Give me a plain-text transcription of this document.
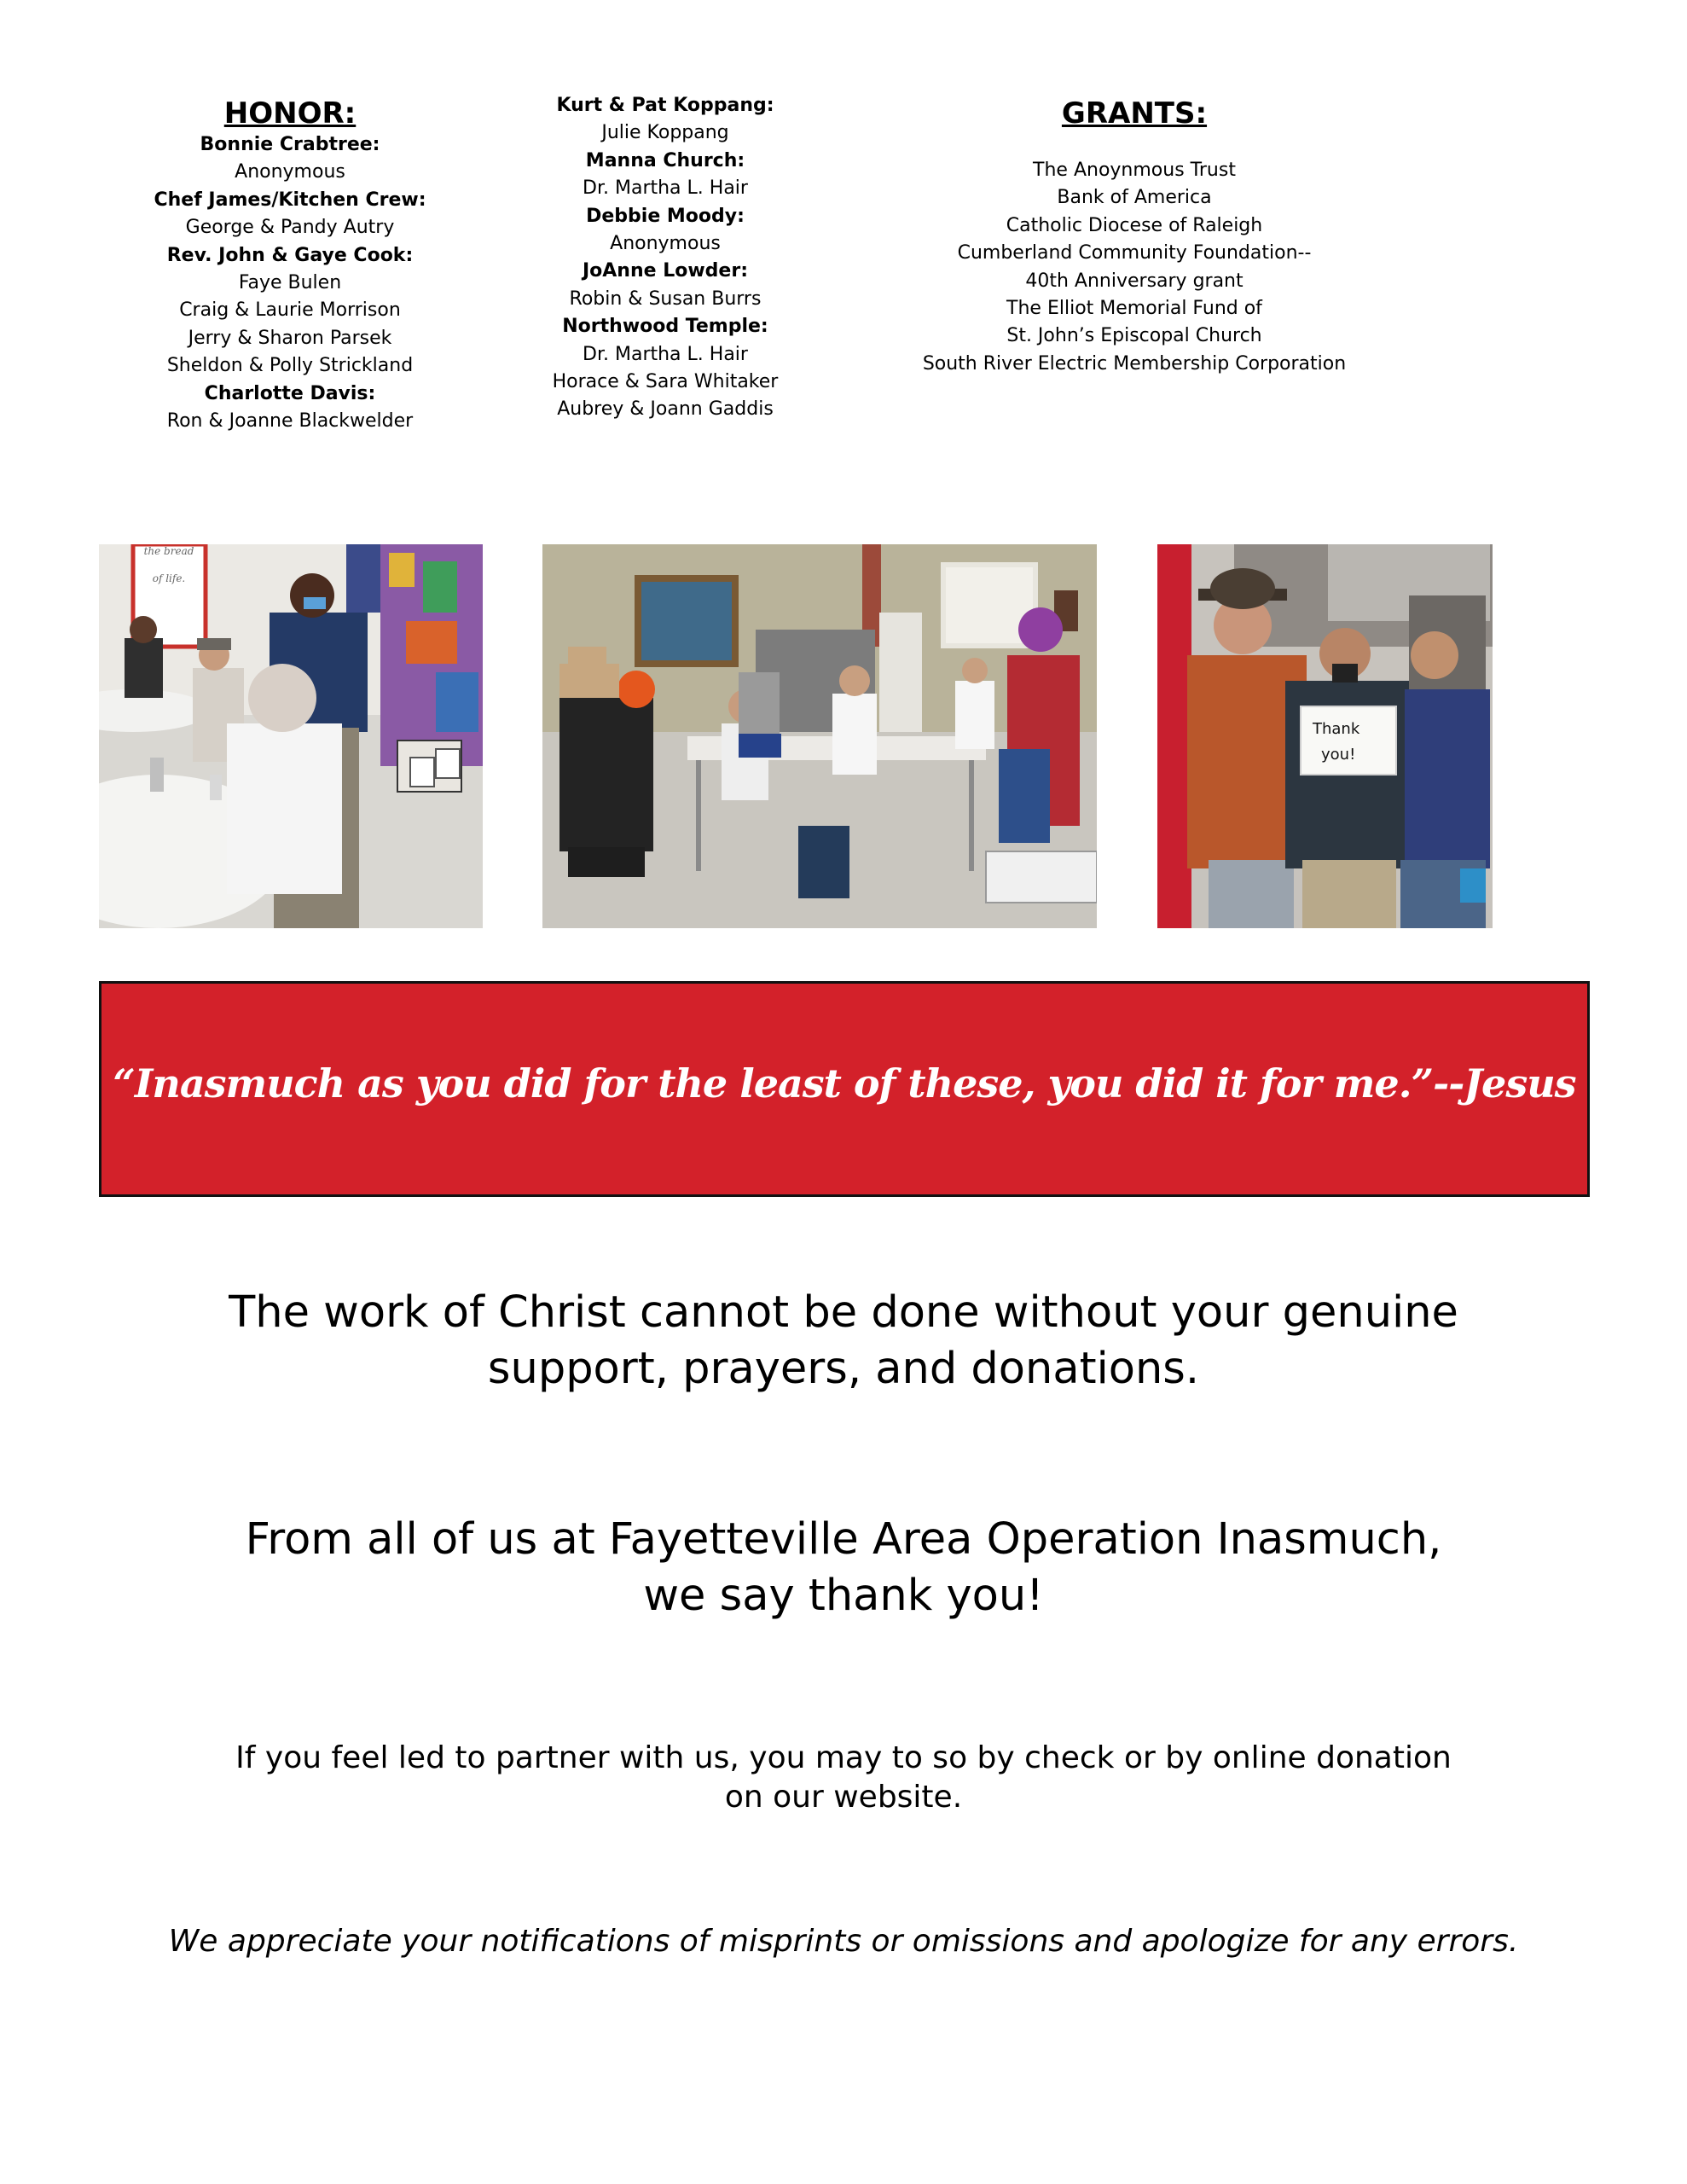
HONOR:
Bonnie Crabtree:
Anonymous
Chef James/Kitchen Crew:
George & Pandy Autry
Rev. John & Gaye Cook:
Faye Bulen
Craig & Laurie Morrison
Jerry & Sharon Parsek
Sheldon & Polly Strickland
Charlotte Davis:
Ron & Joanne Blackwelder
Kurt & Pat Koppang:
Julie Koppang
Manna Church:
Dr. Martha L. Hair
Debbie Moody:
Anonymous
JoAnne Lowder:
Robin & Susan Burrs
Northwood Temple:
Dr. Martha L. Hair
Horace & Sara Whitaker
Aubrey & Joann Gaddis
GRANTS:
The Anoynmous Trust
Bank of America
Catholic Diocese of Raleigh
Cumberland Community Foundation--
40th Anniversary grant
The Elliot Memorial Fund of
St. John’s Episcopal Church
South River Electric Membership Corporation
the bread
of life.
Thank
you!
“Inasmuch as you did for the least of these, you did it for me.”--Jesus
The work of Christ cannot be done without your genuine
support, prayers, and donations.
From all of us at Fayetteville Area Operation Inasmuch,
we say thank you!
If you feel led to partner with us, you may to so by check or by online donation
on our website.
We appreciate your notifications of misprints or omissions and apologize for any errors.
